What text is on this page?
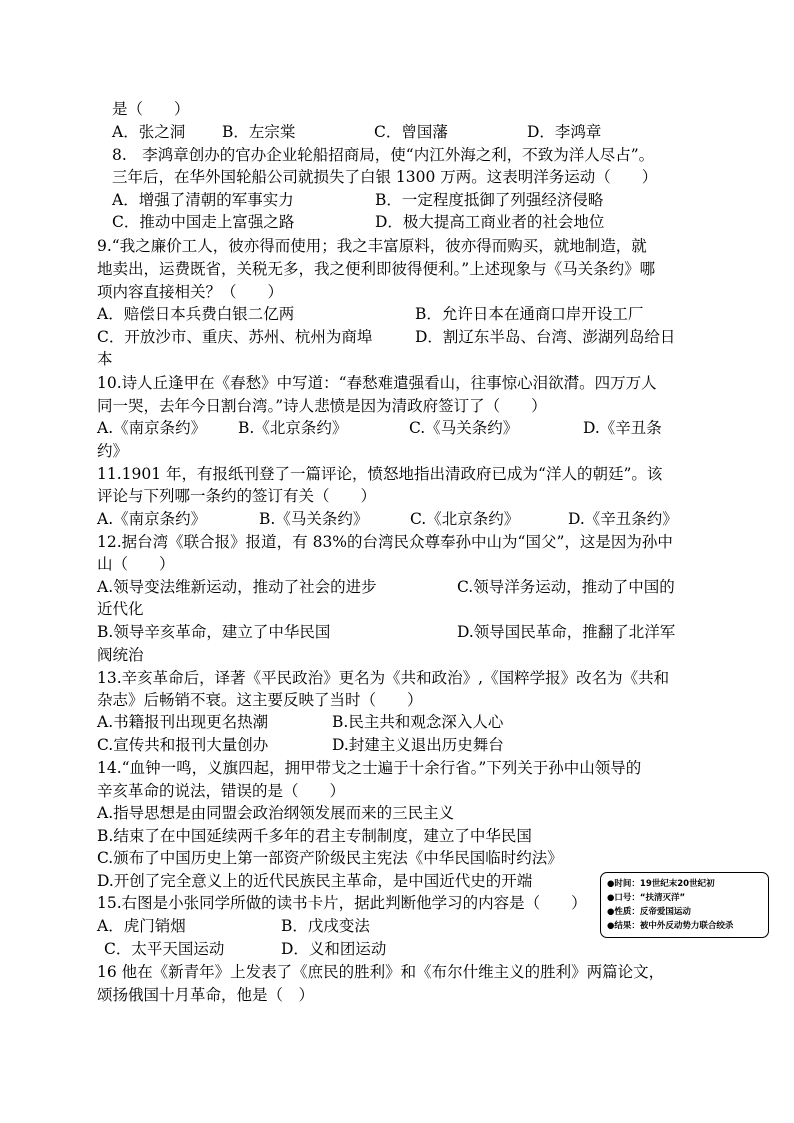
是（　　）
A．张之洞 B．左宗棠	C．曾国藩	D．李鸿章
8.　李鸿章创办的官办企业轮船招商局，使“内江外海之利，不致为洋人尽占”。
三年后，在华外国轮船公司就损失了白银 1300 万两。这表明洋务运动（　　）
A．增强了清朝的军事实力	B．一定程度抵御了列强经济侵略
C．推动中国走上富强之路	D．极大提高工商业者的社会地位
9.“我之廉价工人，彼亦得而使用；我之丰富原料，彼亦得而购买，就地制造，就
地卖出，运费既省，关税无多，我之便利即彼得便利。”上述现象与《马关条约》哪
项内容直接相关？（　　）
A．赔偿日本兵费白银二亿两	B．允许日本在通商口岸开设工厂
C．开放沙市、重庆、苏州、杭州为商埠	D．割辽东半岛、台湾、澎湖列岛给日
本
10.诗人丘逢甲在《春愁》中写道：“春愁难遣强看山，往事惊心泪欲潸。四万万人
同一哭，去年今日割台湾。”诗人悲愤是因为清政府签订了（　　）
A.《南京条约》 B.《北京条约》	C.《马关条约》	D.《辛丑条
约》
11.1901 年，有报纸刊登了一篇评论，愤怒地指出清政府已成为“洋人的朝廷”。该
评论与下列哪一条约的签订有关（　　）
A.《南京条约》	B.《马关条约》	C.《北京条约》	D.《辛丑条约》
12.据台湾《联合报》报道，有 83%的台湾民众尊奉孙中山为“国父”，这是因为孙中
山（　　）
A.领导变法维新运动，推动了社会的进步	C.领导洋务运动，推动了中国的
近代化
B.领导辛亥革命，建立了中华民国	D.领导国民革命，推翻了北洋军
阀统治
13.辛亥革命后，译著《平民政治》更名为《共和政治》,《国粹学报》改名为《共和
杂志》后畅销不衰。这主要反映了当时（　　）
A.书籍报刊出现更名热潮	B.民主共和观念深入人心
C.宣传共和报刊大量创办	D.封建主义退出历史舞台
14.“血钟一鸣，义旗四起，拥甲带戈之士遍于十余行省。”下列关于孙中山领导的
辛亥革命的说法，错误的是（　　）
A.指导思想是由同盟会政治纲领发展而来的三民主义
B.结束了在中国延续两千多年的君主专制制度，建立了中华民国
C.颁布了中国历史上第一部资产阶级民主宪法《中华民国临时约法》
D.开创了完全意义上的近代民族民主革命，是中国近代史的开端
15.右图是小张同学所做的读书卡片，据此判断他学习的内容是（　　）
A．虎门销烟	B．戊戌变法
C．太平天国运动	D．义和团运动
16 他在《新青年》上发表了《庶民的胜利》和《布尔什维主义的胜利》两篇论文，
颂扬俄国十月革命，他是（　）
●时间：19世纪末20世纪初
●口号：“扶清灭洋”
●性质：反帝爱国运动
●结果：被中外反动势力联合绞杀
